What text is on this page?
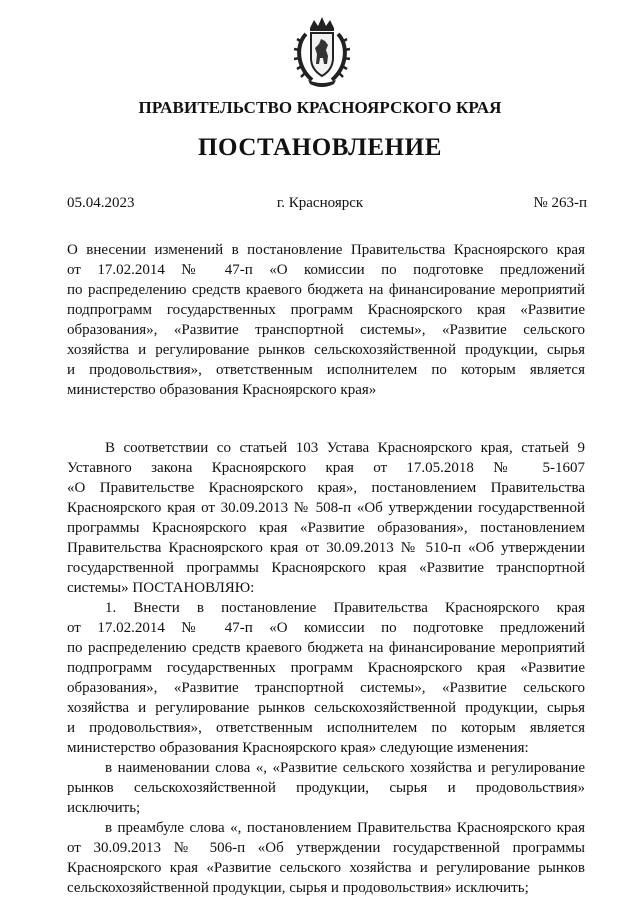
ПРАВИТЕЛЬСТВО КРАСНОЯРСКОГО КРАЯ
ПОСТАНОВЛЕНИЕ
05.04.2023	г. Красноярск	№ 263-п
О внесении изменений в постановление Правительства Красноярского края
от 17.02.2014 № 47-п «О комиссии по подготовке предложений
по распределению средств краевого бюджета на финансирование мероприятий
подпрограмм государственных программ Красноярского края «Развитие
образования», «Развитие транспортной системы», «Развитие сельского
хозяйства и регулирование рынков сельскохозяйственной продукции, сырья
и продовольствия», ответственным исполнителем по которым является
министерство образования Красноярского края»
В соответствии со статьей 103 Устава Красноярского края, статьей 9
Уставного закона Красноярского края от 17.05.2018 № 5-1607
«О Правительстве Красноярского края», постановлением Правительства
Красноярского края от 30.09.2013 № 508-п «Об утверждении государственной
программы Красноярского края «Развитие образования», постановлением
Правительства Красноярского края от 30.09.2013 № 510-п «Об утверждении
государственной программы Красноярского края «Развитие транспортной
системы» ПОСТАНОВЛЯЮ:
1. Внести в постановление Правительства Красноярского края
от 17.02.2014 № 47-п «О комиссии по подготовке предложений
по распределению средств краевого бюджета на финансирование мероприятий
подпрограмм государственных программ Красноярского края «Развитие
образования», «Развитие транспортной системы», «Развитие сельского
хозяйства и регулирование рынков сельскохозяйственной продукции, сырья
и продовольствия», ответственным исполнителем по которым является
министерство образования Красноярского края» следующие изменения:
в наименовании слова «, «Развитие сельского хозяйства и регулирование
рынков сельскохозяйственной продукции, сырья и продовольствия»
исключить;
в преамбуле слова «, постановлением Правительства Красноярского края
от 30.09.2013 № 506-п «Об утверждении государственной программы
Красноярского края «Развитие сельского хозяйства и регулирование рынков
сельскохозяйственной продукции, сырья и продовольствия» исключить;
